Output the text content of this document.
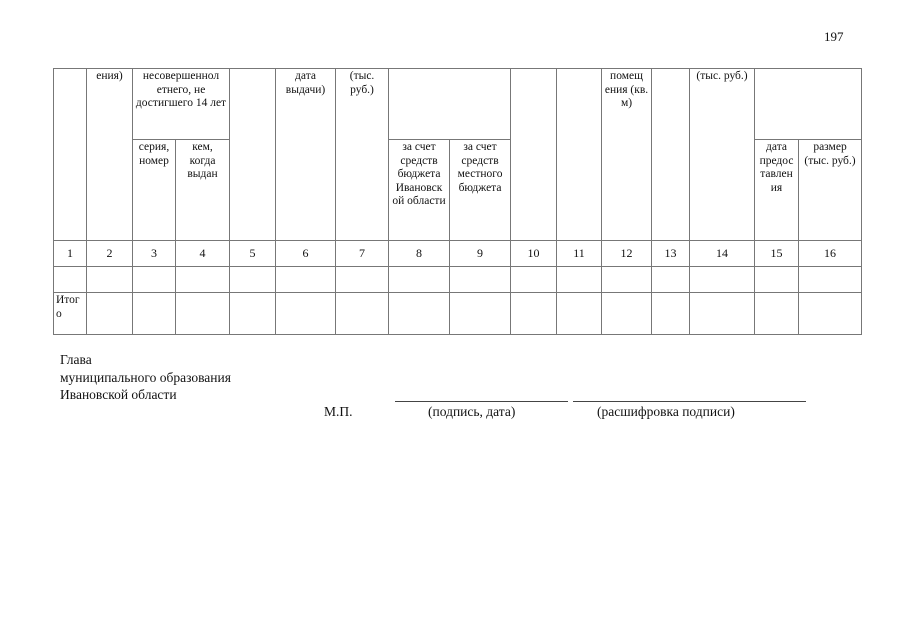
197
	ения)	несовершеннол етнего, не достигшего 14 лет			дата выдачи)	(тыс. руб.)					помещ ения (кв. м)		(тыс. руб.)		
		серия, номер	кем, когда выдан				за счет средств бюджета Ивановск ой области	за счет средств местного бюджета						дата предос тавлен ия	размер (тыс. руб.)
1	2	3	4	5	6	7	8	9	10	11	12	13	14	15	16

Итог о															
Глава
муниципального образования
Ивановской области
М.П.	(подпись, дата)	(расшифровка подписи)
